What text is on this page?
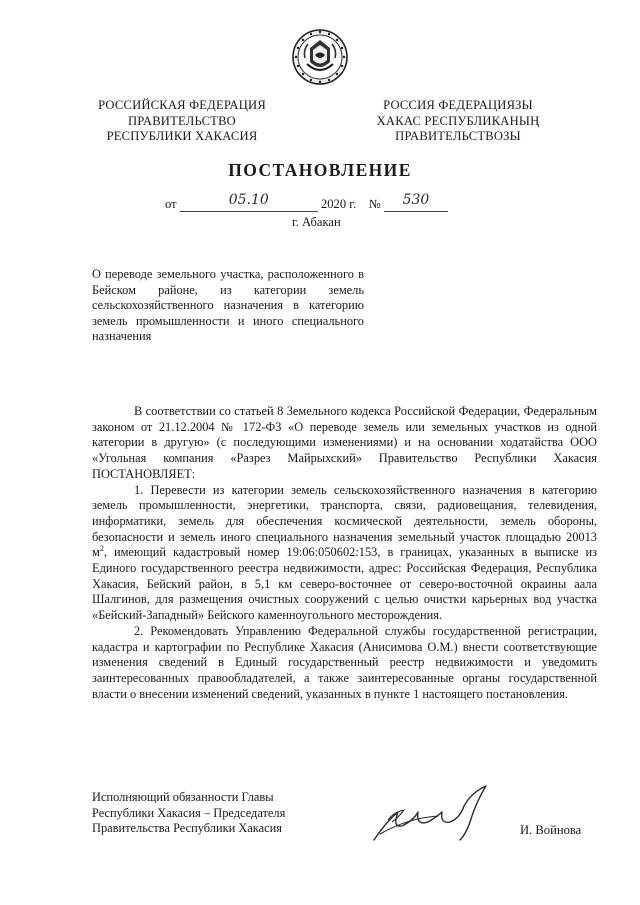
РОССИЙСКАЯ ФЕДЕРАЦИЯ
ПРАВИТЕЛЬСТВО
РЕСПУБЛИКИ ХАКАСИЯ
РОССИЯ ФЕДЕРАЦИЯЗЫ
ХАКАС РЕСПУБЛИКАНЫҢ
ПРАВИТЕЛЬСТВОЗЫ
ПОСТАНОВЛЕНИЕ
от	05.10	2020 г. № 530
г. Абакан
О переводе земельного участка, расположенного в Бейском районе, из категории земель сельскохозяйственного назначения в категорию земель промышленности и иного специального назначения

В соответствии со статьей 8 Земельного кодекса Российской Федерации, Федеральным законом от 21.12.2004 № 172-ФЗ «О переводе земель или земельных участков из одной категории в другую» (с последующими изменениями) и на основании ходатайства ООО «Угольная компания «Разрез Майрыхский» Правительство Республики Хакасия ПОСТАНОВЛЯЕТ:

1. Перевести из категории земель сельскохозяйственного назначения в категорию земель промышленности, энергетики, транспорта, связи, радиовещания, телевидения, информатики, земель для обеспечения космической деятельности, земель обороны, безопасности и земель иного специального назначения земельный участок площадью 20013 $м^2$, имеющий кадастровый номер 19:06:050602:153, в границах, указанных в выписке из Единого государственного реестра недвижимости, адрес: Российская Федерация, Республика Хакасия, Бейский район, в 5,1 км северо-восточнее от северо-восточной окраины аала Шалгинов, для размещения очистных сооружений с целью очистки карьерных вод участка «Бейский-Западный» Бейского каменноугольного месторождения.

2. Рекомендовать Управлению Федеральной службы государственной регистрации, кадастра и картографии по Республике Хакасия (Анисимова О.М.) внести соответствующие изменения сведений в Единый государственный реестр недвижимости и уведомить заинтересованных правообладателей, а также заинтересованные органы государственной власти о внесении изменений сведений, указанных в пункте 1 настоящего постановления.

Исполняющий обязанности Главы
Республики Хакасия – Председателя
Правительства Республики Хакасия	И. Войнова
